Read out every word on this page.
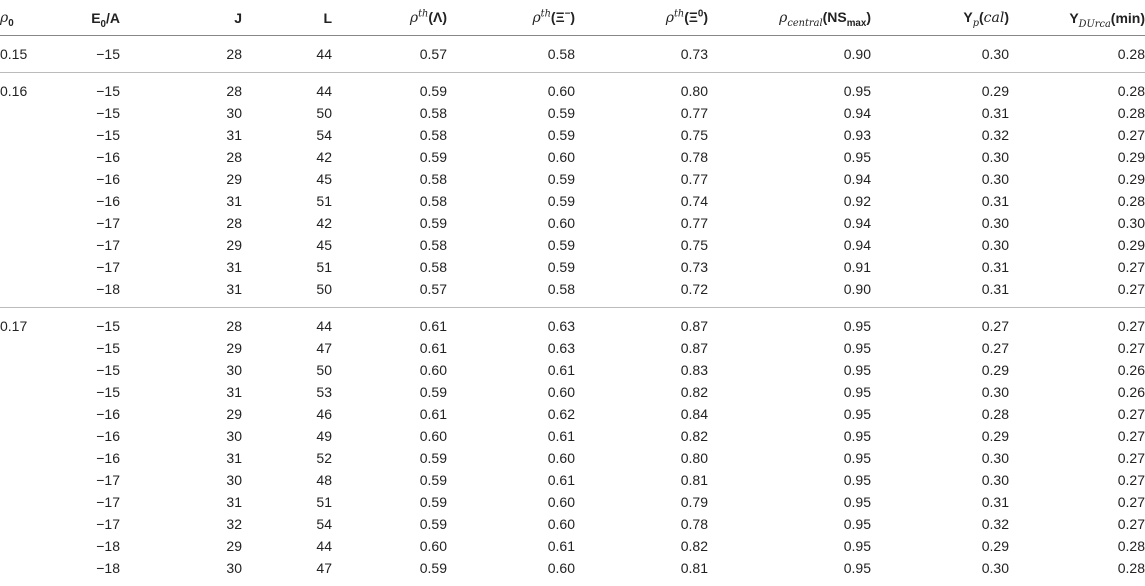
$\rho_0$	$E_0/A$	J	L	$\rho^{th}(\Lambda)$	$\rho^{th}(\Xi^-)$	$\rho^{th}(\Xi^0)$	$\rho_{central}(NS_{max})$	$Y_p(cal)$	$Y_{DUrca}(\min)$
0.15	−15	28	44	0.57	0.58	0.73	0.90	0.30	0.28
0.16	−15	28	44	0.59	0.60	0.80	0.95	0.29	0.28
	−15	30	50	0.58	0.59	0.77	0.94	0.31	0.28
	−15	31	54	0.58	0.59	0.75	0.93	0.32	0.27
	−16	28	42	0.59	0.60	0.78	0.95	0.30	0.29
	−16	29	45	0.58	0.59	0.77	0.94	0.30	0.29
	−16	31	51	0.58	0.59	0.74	0.92	0.31	0.28
	−17	28	42	0.59	0.60	0.77	0.94	0.30	0.30
	−17	29	45	0.58	0.59	0.75	0.94	0.30	0.29
	−17	31	51	0.58	0.59	0.73	0.91	0.31	0.27
	−18	31	50	0.57	0.58	0.72	0.90	0.31	0.27
0.17	−15	28	44	0.61	0.63	0.87	0.95	0.27	0.27
	−15	29	47	0.61	0.63	0.87	0.95	0.27	0.27
	−15	30	50	0.60	0.61	0.83	0.95	0.29	0.26
	−15	31	53	0.59	0.60	0.82	0.95	0.30	0.26
	−16	29	46	0.61	0.62	0.84	0.95	0.28	0.27
	−16	30	49	0.60	0.61	0.82	0.95	0.29	0.27
	−16	31	52	0.59	0.60	0.80	0.95	0.30	0.27
	−17	30	48	0.59	0.61	0.81	0.95	0.30	0.27
	−17	31	51	0.59	0.60	0.79	0.95	0.31	0.27
	−17	32	54	0.59	0.60	0.78	0.95	0.32	0.27
	−18	29	44	0.60	0.61	0.82	0.95	0.29	0.28
	−18	30	47	0.59	0.60	0.81	0.95	0.30	0.28
